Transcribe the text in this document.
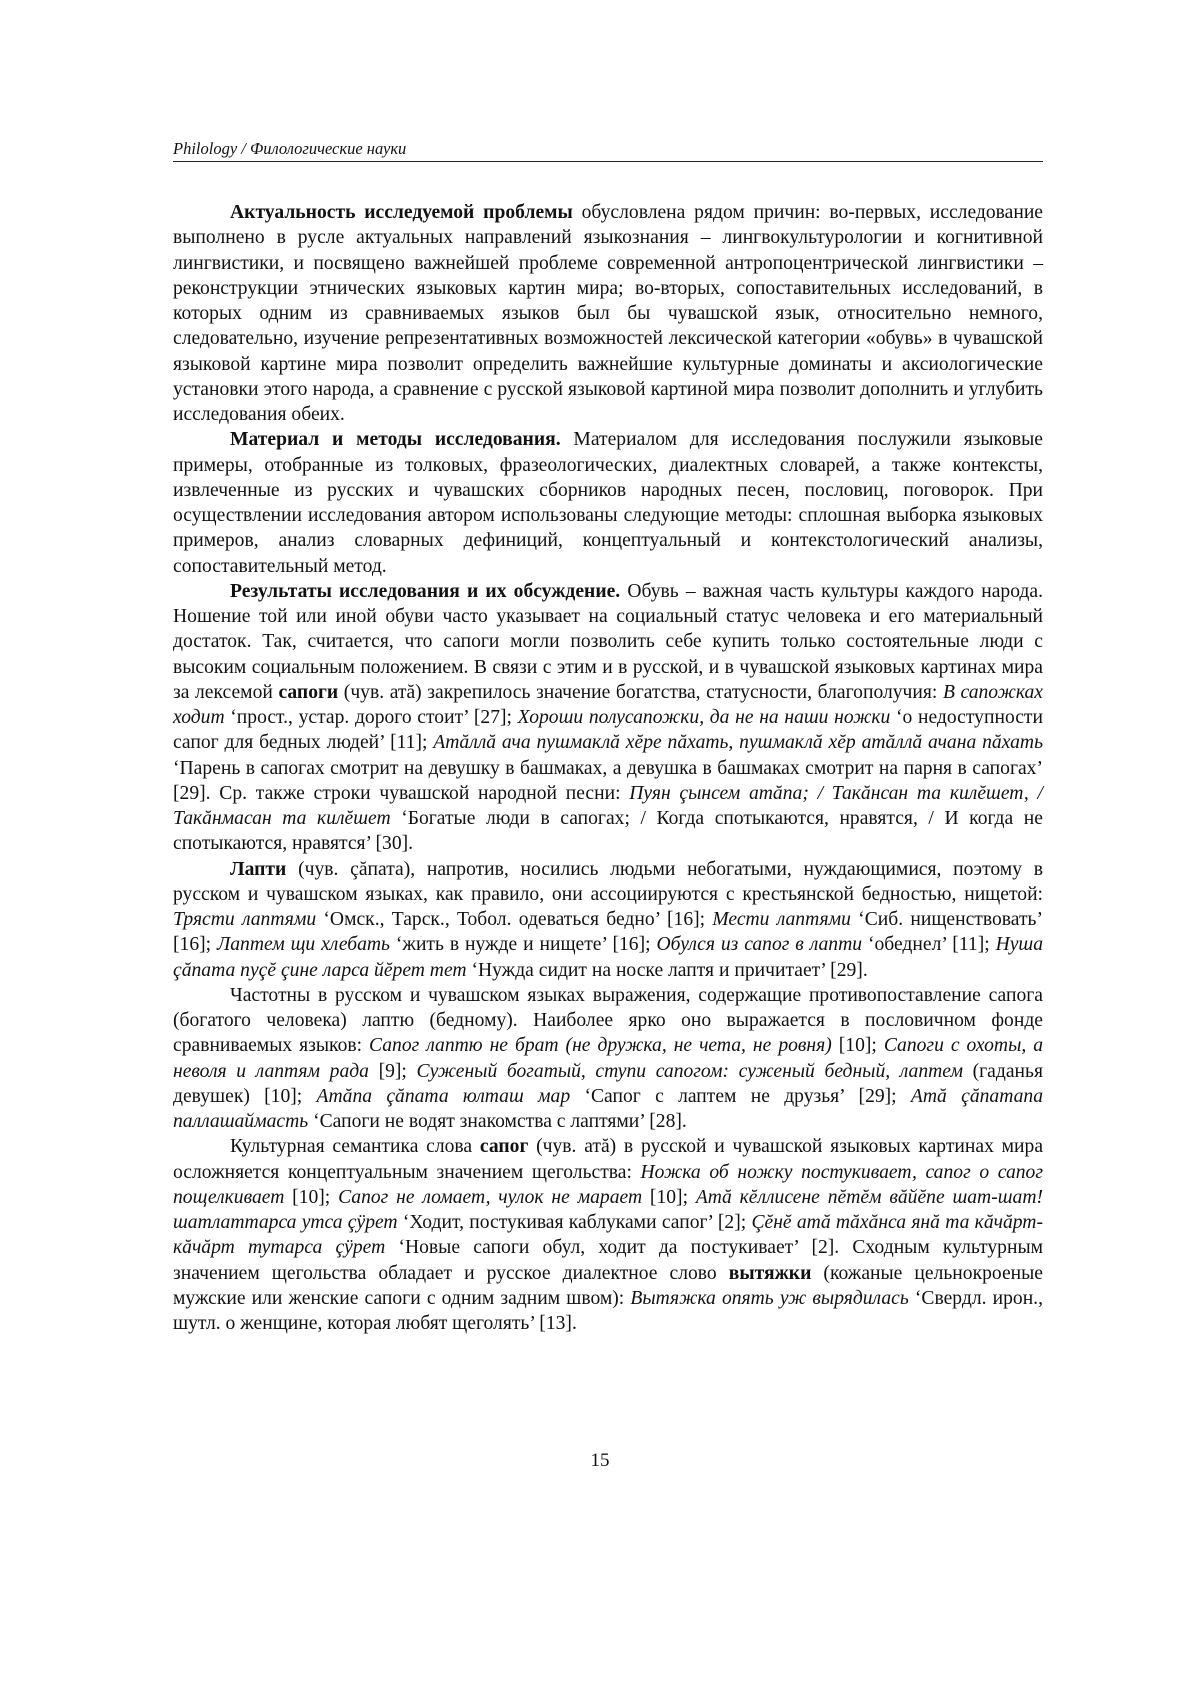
Philology / Филологические науки

Актуальность исследуемой проблемы обусловлена рядом причин: во-первых, исследование выполнено в русле актуальных направлений языкознания – лингвокультурологии и когнитивной лингвистики, и посвящено важнейшей проблеме современной антропоцентрической лингвистики – реконструкции этнических языковых картин мира; во-вторых, сопоставительных исследований, в которых одним из сравниваемых языков был бы чувашской язык, относительно немного, следовательно, изучение репрезентативных возможностей лексической категории «обувь» в чувашской языковой картине мира позволит определить важнейшие культурные доминаты и аксиологические установки этого народа, а сравнение с русской языковой картиной мира позволит дополнить и углубить исследования обеих.

Материал и методы исследования. Материалом для исследования послужили языковые примеры, отобранные из толковых, фразеологических, диалектных словарей, а также контексты, извлеченные из русских и чувашских сборников народных песен, пословиц, поговорок. При осуществлении исследования автором использованы следующие методы: сплошная выборка языковых примеров, анализ словарных дефиниций, концептуальный и контекстологический анализы, сопоставительный метод.

Результаты исследования и их обсуждение. Обувь – важная часть культуры каждого народа. Ношение той или иной обуви часто указывает на социальный статус человека и его материальный достаток. Так, считается, что сапоги могли позволить себе купить только состоятельные люди с высоким социальным положением. В связи с этим и в русской, и в чувашской языковых картинах мира за лексемой сапоги (чув. атă) закрепилось значение богатства, статусности, благополучия: В сапожках ходит ‘прост., устар. дорого стоит’ [27]; Хороши полусапожки, да не на наши ножки ‘о недоступности сапог для бедных людей’ [11]; Атăллă ача пушмаклă хĕре пăхать, пушмаклă хĕр атăллă ачана пăхать ‘Парень в сапогах смотрит на девушку в башмаках, а девушка в башмаках смотрит на парня в сапогах’ [29]. Ср. также строки чувашской народной песни: Пуян çынсем атăпа; / Такăнсан та килĕшет, / Такăнмасан та килĕшет ‘Богатые люди в сапогах; / Когда спотыкаются, нравятся, / И когда не спотыкаются, нравятся’ [30].

Лапти (чув. çăпата), напротив, носились людьми небогатыми, нуждающимися, поэтому в русском и чувашском языках, как правило, они ассоциируются с крестьянской бедностью, нищетой: Трясти лаптями ‘Омск., Тарск., Тобол. одеваться бедно’ [16]; Мести лаптями ‘Сиб. нищенствовать’ [16]; Лаптем щи хлебать ‘жить в нужде и нищете’ [16]; Обулся из сапог в лапти ‘обеднел’ [11]; Нуша çăпата пуçĕ çине ларса йĕрет тет ‘Нужда сидит на носке лаптя и причитает’ [29].

Частотны в русском и чувашском языках выражения, содержащие противопоставление сапога (богатого человека) лаптю (бедному). Наиболее ярко оно выражается в пословичном фонде сравниваемых языков: Сапог лаптю не брат (не дружка, не чета, не ровня) [10]; Сапоги с охоты, а неволя и лаптям рада [9]; Суженый богатый, ступи сапогом: суженый бедный, лаптем (гаданья девушек) [10]; Атăпа çăпата юлташ мар ‘Сапог с лаптем не друзья’ [29]; Атă çăпатапа паллашаймасть ‘Сапоги не водят знакомства с лаптями’ [28].

Культурная семантика слова сапог (чув. атă) в русской и чувашской языковых картинах мира осложняется концептуальным значением щегольства: Ножка об ножку постукивает, сапог о сапог пощелкивает [10]; Сапог не ломает, чулок не марает [10]; Атă кĕллисене пĕтĕм вăйĕпе шат-шат! шатлаттарса утса çÿрет ‘Ходит, постукивая каблуками сапог’ [2]; Çĕнĕ атă тăхăнса янă та кăчăрт-кăчăрт тутарса çÿрет ‘Новые сапоги обул, ходит да постукивает’ [2]. Сходным культурным значением щегольства обладает и русское диалектное слово вытяжки (кожаные цельнокроеные мужские или женские сапоги с одним задним швом): Вытяжка опять уж вырядилась ‘Свердл. ирон., шутл. о женщине, которая любят щеголять’ [13].

15
